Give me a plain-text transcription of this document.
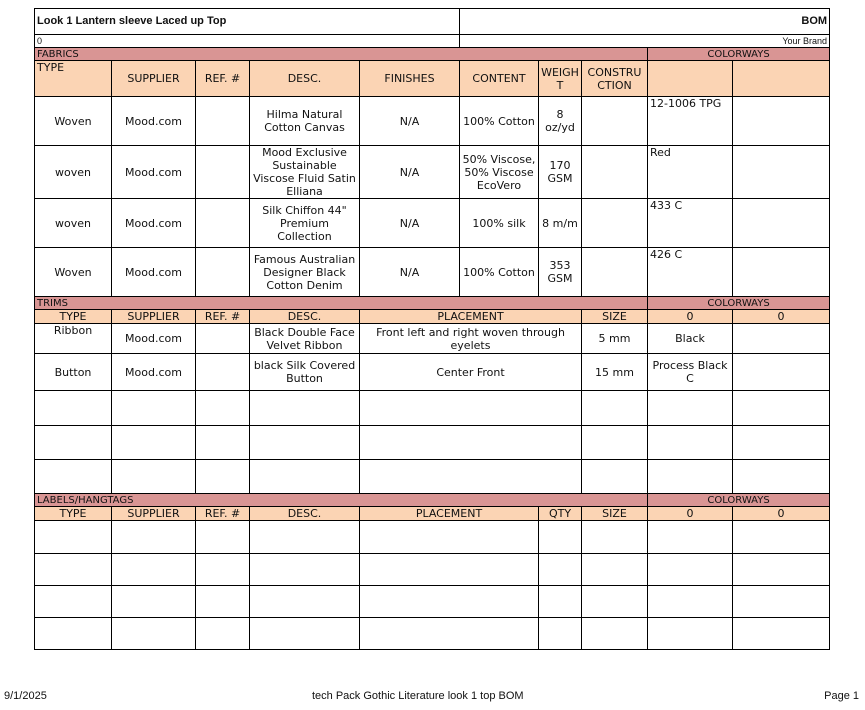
Look 1 Lantern sleeve Laced up Top					BOM				
0					Your Brand				
FABRICS								COLORWAYS	
TYPE	SUPPLIER	REF. #	DESC.	FINISHES	CONTENT	WEIGHT	CONSTRUCTION		
Woven	Mood.com		Hilma Natural Cotton Canvas	N/A	100% Cotton	8 oz/yd		12-1006 TPG	
woven	Mood.com		Mood Exclusive Sustainable Viscose Fluid Satin Elliana	N/A	50% Viscose, 50% Viscose EcoVero	170 GSM		Red	
woven	Mood.com		Silk Chiffon 44" Premium Collection	N/A	100% silk	8 m/m		433 C	
Woven	Mood.com		Famous Australian Designer Black Cotton Denim	N/A	100% Cotton	353 GSM		426 C	
TRIMS								COLORWAYS	
TYPE	SUPPLIER	REF. #	DESC.	PLACEMENT			SIZE	0	0
Ribbon	Mood.com		Black Double Face Velvet Ribbon	Front left and right woven through eyelets			5 mm	Black	
Button	Mood.com		black Silk Covered Button	Center Front			15 mm	Process Black C	

LABELS/HANGTAGS								COLORWAYS	
TYPE	SUPPLIER	REF. #	DESC.	PLACEMENT		QTY	SIZE	0	0

9/1/2025	tech Pack Gothic Literature look 1 top BOM	Page 1
